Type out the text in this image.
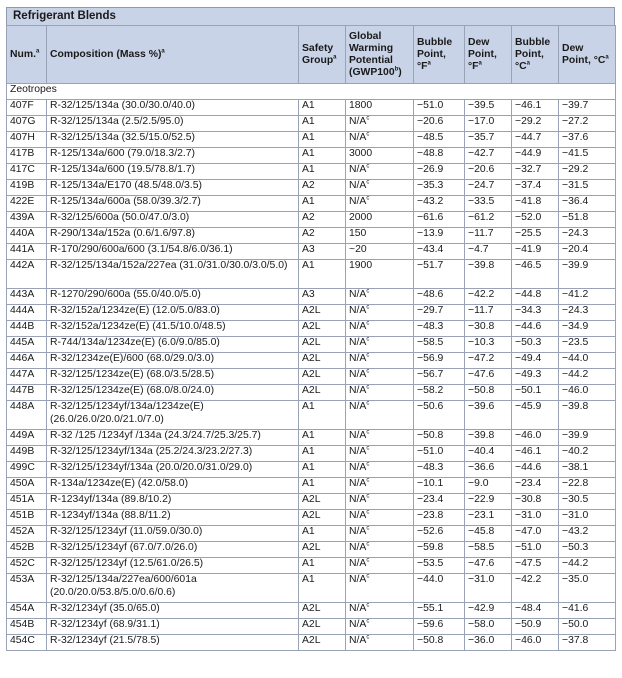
Refrigerant Blends
Num.$^a$	Composition (Mass %)$^a$	Safety Group$^a$	Global Warming Potential (GWP100$^b$)	Bubble Point, $^\circ F^a$	Dew Point, $^\circ F^a$	Bubble Point, $^\circ C^a$	Dew Point, $^\circ C^a$
Zeotropes							
407F	R-32/125/134a (30.0/30.0/40.0)	A1	1800	−51.0	−39.5	−46.1	−39.7
407G	R-32/125/134a (2.5/2.5/95.0)	A1	$N/A^c$	−20.6	−17.0	−29.2	−27.2
407H	R-32/125/134a (32.5/15.0/52.5)	A1	$N/A^c$	−48.5	−35.7	−44.7	−37.6
417B	R-125/134a/600 (79.0/18.3/2.7)	A1	3000	−48.8	−42.7	−44.9	−41.5
417C	R-125/134a/600 (19.5/78.8/1.7)	A1	$N/A^c$	−26.9	−20.6	−32.7	−29.2
419B	R-125/134a/E170 (48.5/48.0/3.5)	A2	$N/A^c$	−35.3	−24.7	−37.4	−31.5
422E	R-125/134a/600a (58.0/39.3/2.7)	A1	$N/A^c$	−43.2	−33.5	−41.8	−36.4
439A	R-32/125/600a (50.0/47.0/3.0)	A2	2000	−61.6	−61.2	−52.0	−51.8
440A	R-290/134a/152a (0.6/1.6/97.8)	A2	150	−13.9	−11.7	−25.5	−24.3
441A	R-170/290/600a/600 (3.1/54.8/6.0/36.1)	A3	~20	−43.4	−4.7	−41.9	−20.4
442A	R-32/125/134a/152a/227ea (31.0/31.0/30.0/3.0/5.0)	A1	1900	−51.7	−39.8	−46.5	−39.9
443A	R-1270/290/600a (55.0/40.0/5.0)	A3	$N/A^c$	−48.6	−42.2	−44.8	−41.2
444A	R-32/152a/1234ze(E) (12.0/5.0/83.0)	A2L	$N/A^c$	−29.7	−11.7	−34.3	−24.3
444B	R-32/152a/1234ze(E) (41.5/10.0/48.5)	A2L	$N/A^c$	−48.3	−30.8	−44.6	−34.9
445A	R-744/134a/1234ze(E) (6.0/9.0/85.0)	A2L	$N/A^c$	−58.5	−10.3	−50.3	−23.5
446A	R-32/1234ze(E)/600 (68.0/29.0/3.0)	A2L	$N/A^c$	−56.9	−47.2	−49.4	−44.0
447A	R-32/125/1234ze(E) (68.0/3.5/28.5)	A2L	$N/A^c$	−56.7	−47.6	−49.3	−44.2
447B	R-32/125/1234ze(E) (68.0/8.0/24.0)	A2L	$N/A^c$	−58.2	−50.8	−50.1	−46.0
448A	R-32/125/1234yf/134a/1234ze(E) (26.0/26.0/20.0/21.0/7.0)	A1	$N/A^c$	−50.6	−39.6	−45.9	−39.8
449A	R-32 /125 /1234yf /134a (24.3/24.7/25.3/25.7)	A1	$N/A^c$	−50.8	−39.8	−46.0	−39.9
449B	R-32/125/1234yf/134a (25.2/24.3/23.2/27.3)	A1	$N/A^c$	−51.0	−40.4	−46.1	−40.2
499C	R-32/125/1234yf/134a (20.0/20.0/31.0/29.0)	A1	$N/A^c$	−48.3	−36.6	−44.6	−38.1
450A	R-134a/1234ze(E) (42.0/58.0)	A1	$N/A^c$	−10.1	−9.0	−23.4	−22.8
451A	R-1234yf/134a (89.8/10.2)	A2L	$N/A^c$	−23.4	−22.9	−30.8	−30.5
451B	R-1234yf/134a (88.8/11.2)	A2L	$N/A^c$	−23.8	−23.1	−31.0	−31.0
452A	R-32/125/1234yf (11.0/59.0/30.0)	A1	$N/A^c$	−52.6	−45.8	−47.0	−43.2
452B	R-32/125/1234yf (67.0/7.0/26.0)	A2L	$N/A^c$	−59.8	−58.5	−51.0	−50.3
452C	R-32/125/1234yf (12.5/61.0/26.5)	A1	$N/A^c$	−53.5	−47.6	−47.5	−44.2
453A	R-32/125/134a/227ea/600/601a (20.0/20.0/53.8/5.0/0.6/0.6)	A1	$N/A^c$	−44.0	−31.0	−42.2	−35.0
454A	R-32/1234yf (35.0/65.0)	A2L	$N/A^c$	−55.1	−42.9	−48.4	−41.6
454B	R-32/1234yf (68.9/31.1)	A2L	$N/A^c$	−59.6	−58.0	−50.9	−50.0
454C	R-32/1234yf (21.5/78.5)	A2L	$N/A^c$	−50.8	−36.0	−46.0	−37.8
